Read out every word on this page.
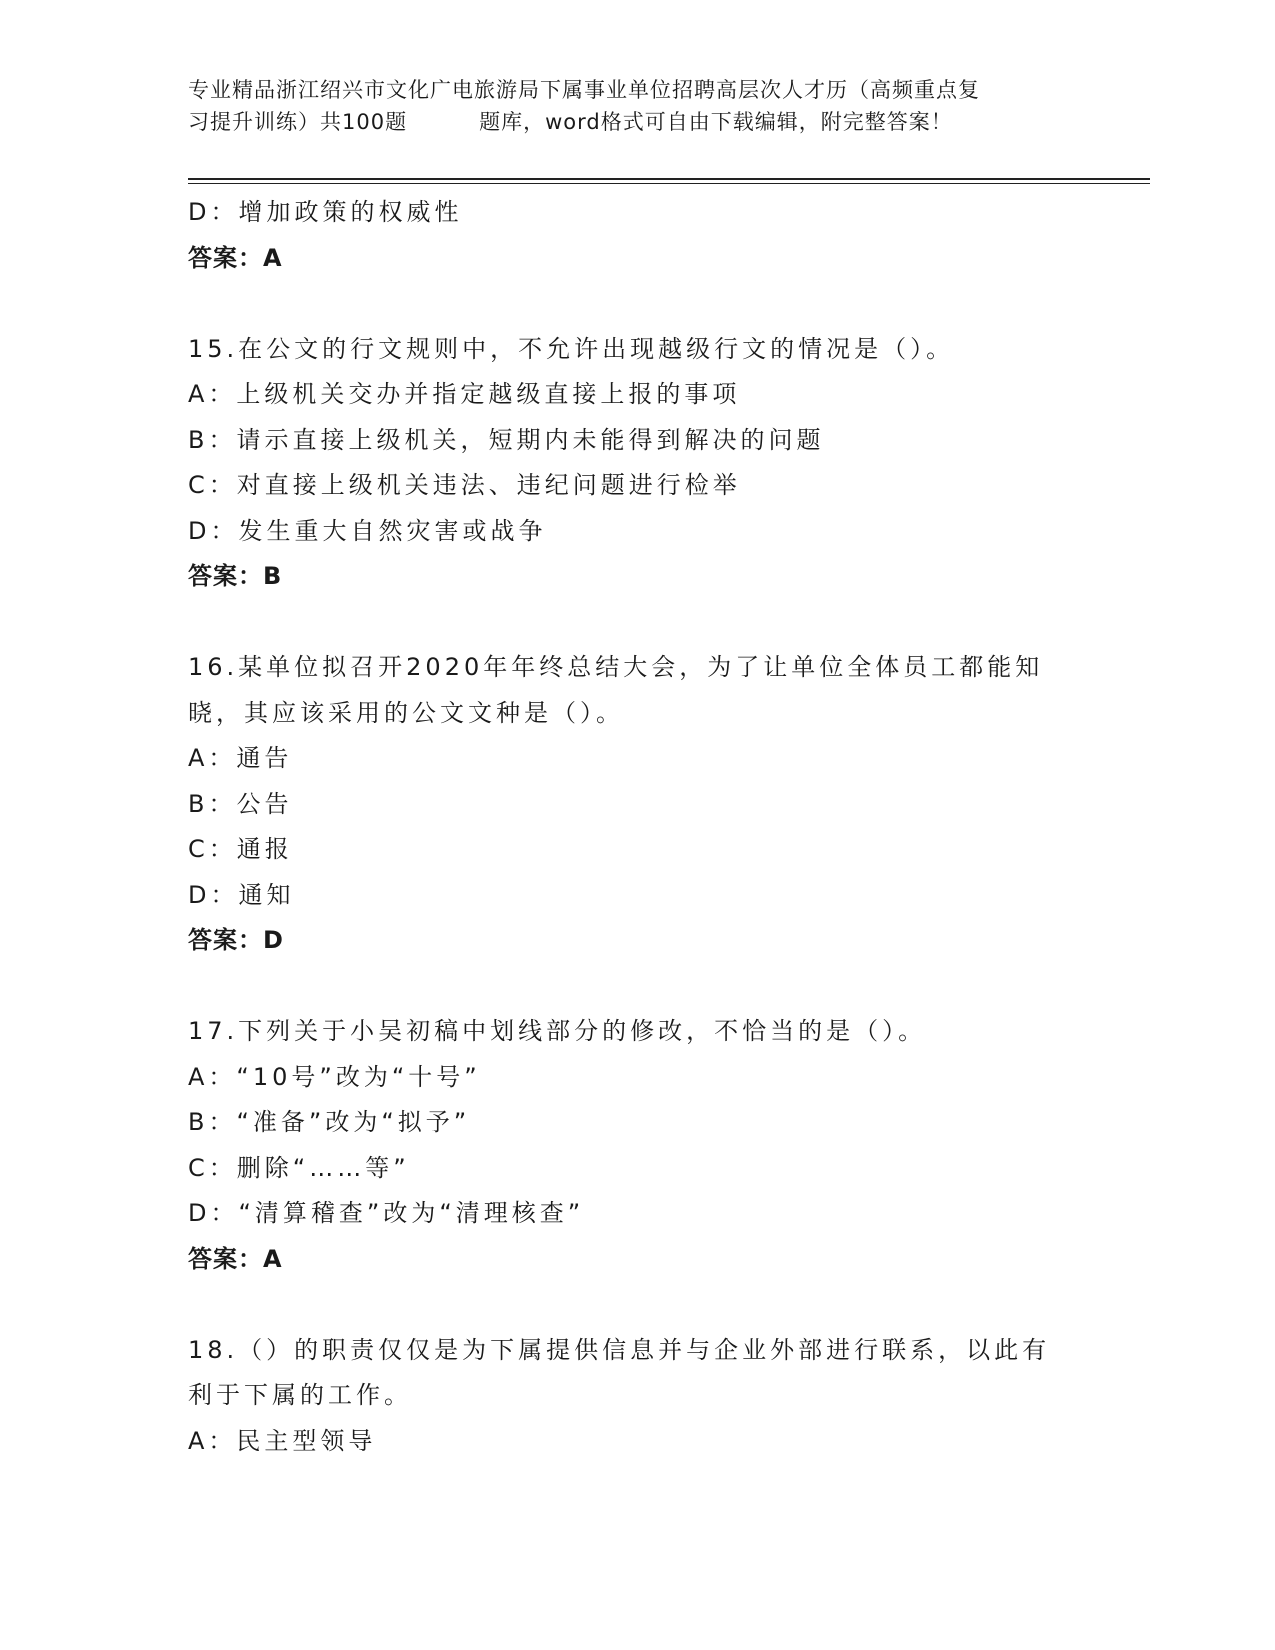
专业精品浙江绍兴市文化广电旅游局下属事业单位招聘高层次人才历（高频重点复
习提升训练）共100题	题库，word格式可自由下载编辑，附完整答案！
D：增加政策的权威性
答案：A
15.在公文的行文规则中，不允许出现越级行文的情况是（）。
A：上级机关交办并指定越级直接上报的事项
B：请示直接上级机关，短期内未能得到解决的问题
C：对直接上级机关违法、违纪问题进行检举
D：发生重大自然灾害或战争
答案：B
16.某单位拟召开2020年年终总结大会，为了让单位全体员工都能知
晓，其应该采用的公文文种是（）。
A：通告
B：公告
C：通报
D：通知
答案：D
17.下列关于小吴初稿中划线部分的修改，不恰当的是（）。
A：“10号”改为“十号”
B：“准备”改为“拟予”
C：删除“……等”
D：“清算稽查”改为“清理核查”
答案：A
18.（）的职责仅仅是为下属提供信息并与企业外部进行联系，以此有
利于下属的工作。
A：民主型领导
